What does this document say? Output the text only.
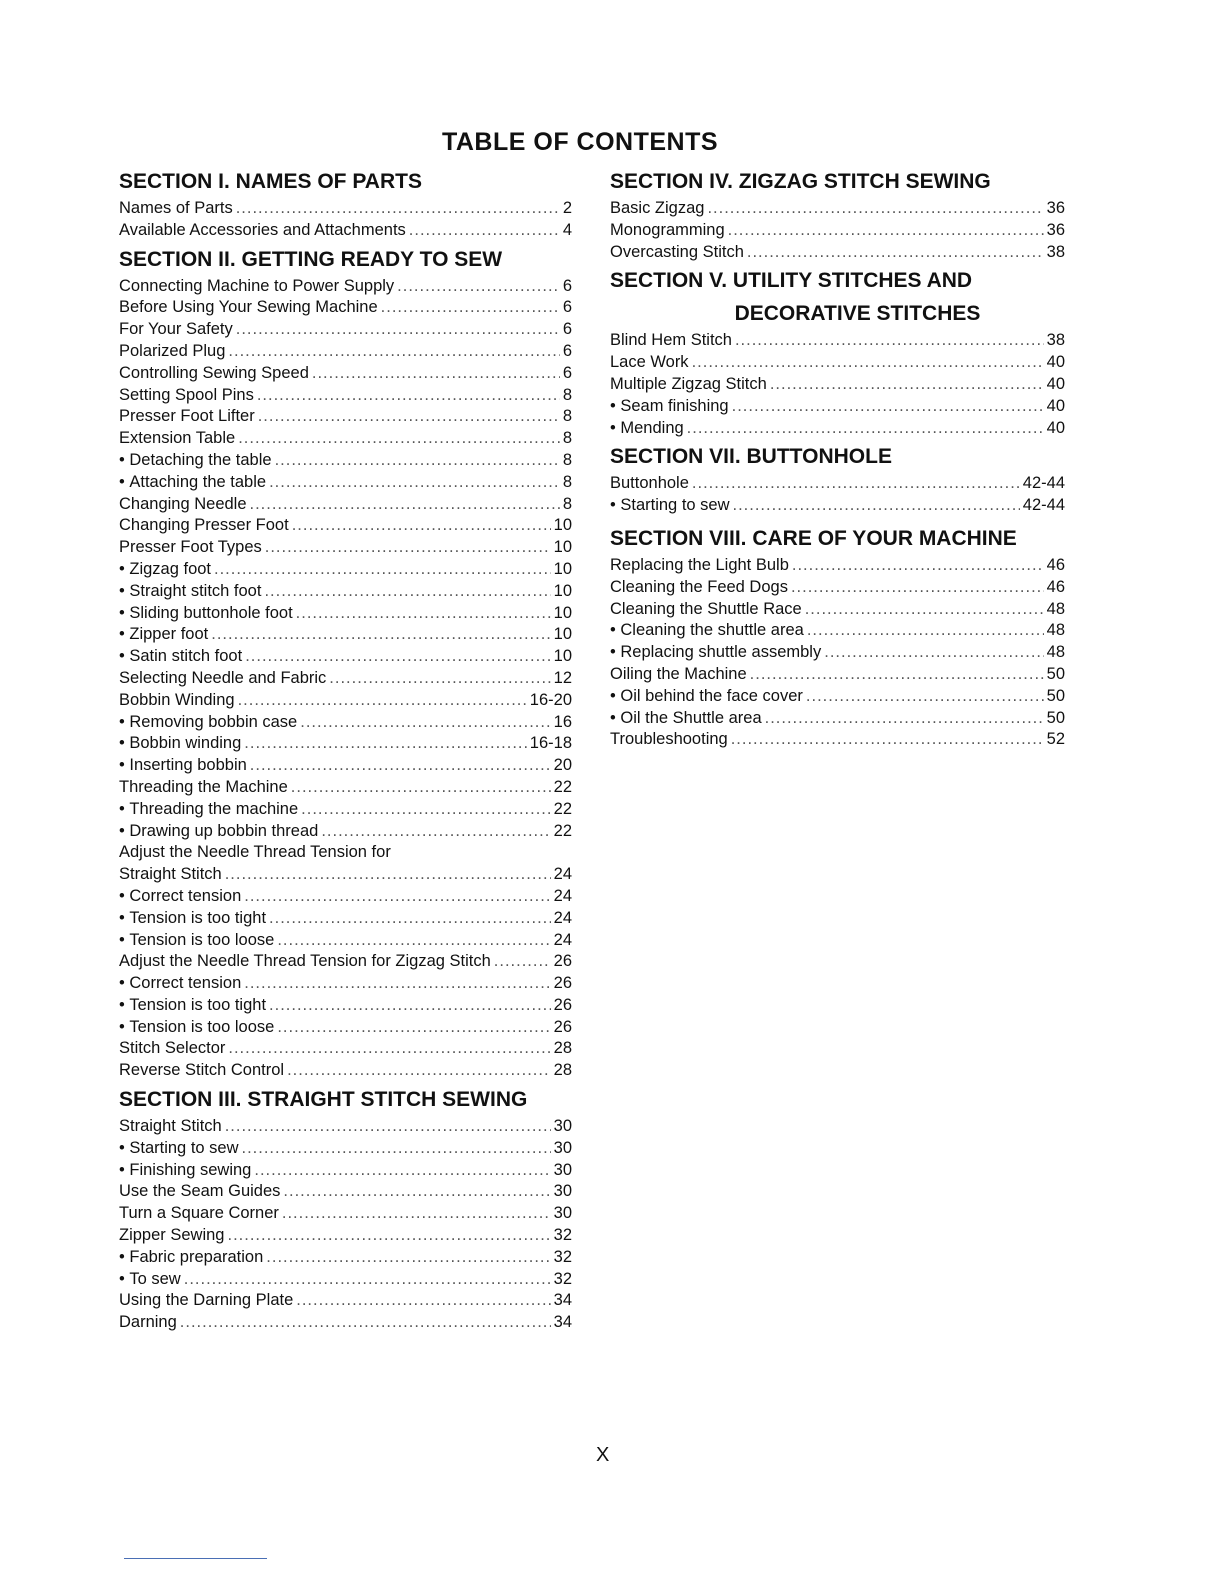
TABLE OF CONTENTS
SECTION I. NAMES OF PARTS
Names of Parts .....	2
Available Accessories and Attachments .....	4
SECTION II. GETTING READY TO SEW
Connecting Machine to Power Supply .....	6
Before Using Your Sewing Machine .....	6
For Your Safety .....	6
Polarized Plug .....	6
Controlling Sewing Speed .....	6
Setting Spool Pins .....	8
Presser Foot Lifter .....	8
Extension Table .....	8
• Detaching the table .....	8
• Attaching the table .....	8
Changing Needle .....	8
Changing Presser Foot .....	10
Presser Foot Types .....	10
• Zigzag foot .....	10
• Straight stitch foot .....	10
• Sliding buttonhole foot .....	10
• Zipper foot .....	10
• Satin stitch foot .....	10
Selecting Needle and Fabric .....	12
Bobbin Winding .....	16-20
• Removing bobbin case .....	16
• Bobbin winding .....	16-18
• Inserting bobbin .....	20
Threading the Machine .....	22
• Threading the machine .....	22
• Drawing up bobbin thread .....	22
Adjust the Needle Thread Tension for
Straight Stitch .....	24
• Correct tension .....	24
• Tension is too tight .....	24
• Tension is too loose .....	24
Adjust the Needle Thread Tension for Zigzag Stitch .....	26
• Correct tension .....	26
• Tension is too tight .....	26
• Tension is too loose .....	26
Stitch Selector .....	28
Reverse Stitch Control .....	28
SECTION III. STRAIGHT STITCH SEWING
Straight Stitch .....	30
• Starting to sew .....	30
• Finishing sewing .....	30
Use the Seam Guides .....	30
Turn a Square Corner .....	30
Zipper Sewing .....	32
• Fabric preparation .....	32
• To sew .....	32
Using the Darning Plate .....	34
Darning .....	34
SECTION IV. ZIGZAG STITCH SEWING
Basic Zigzag .....	36
Monogramming .....	36
Overcasting Stitch .....	38
SECTION V. UTILITY STITCHES AND
DECORATIVE STITCHES
Blind Hem Stitch .....	38
Lace Work .....	40
Multiple Zigzag Stitch .....	40
• Seam finishing .....	40
• Mending .....	40
SECTION VII. BUTTONHOLE
Buttonhole .....	42-44
• Starting to sew .....	42-44
SECTION VIII. CARE OF YOUR MACHINE
Replacing the Light Bulb .....	46
Cleaning the Feed Dogs .....	46
Cleaning the Shuttle Race .....	48
• Cleaning the shuttle area .....	48
• Replacing shuttle assembly .....	48
Oiling the Machine .....	50
• Oil behind the face cover .....	50
• Oil the Shuttle area .....	50
Troubleshooting .....	52
X
